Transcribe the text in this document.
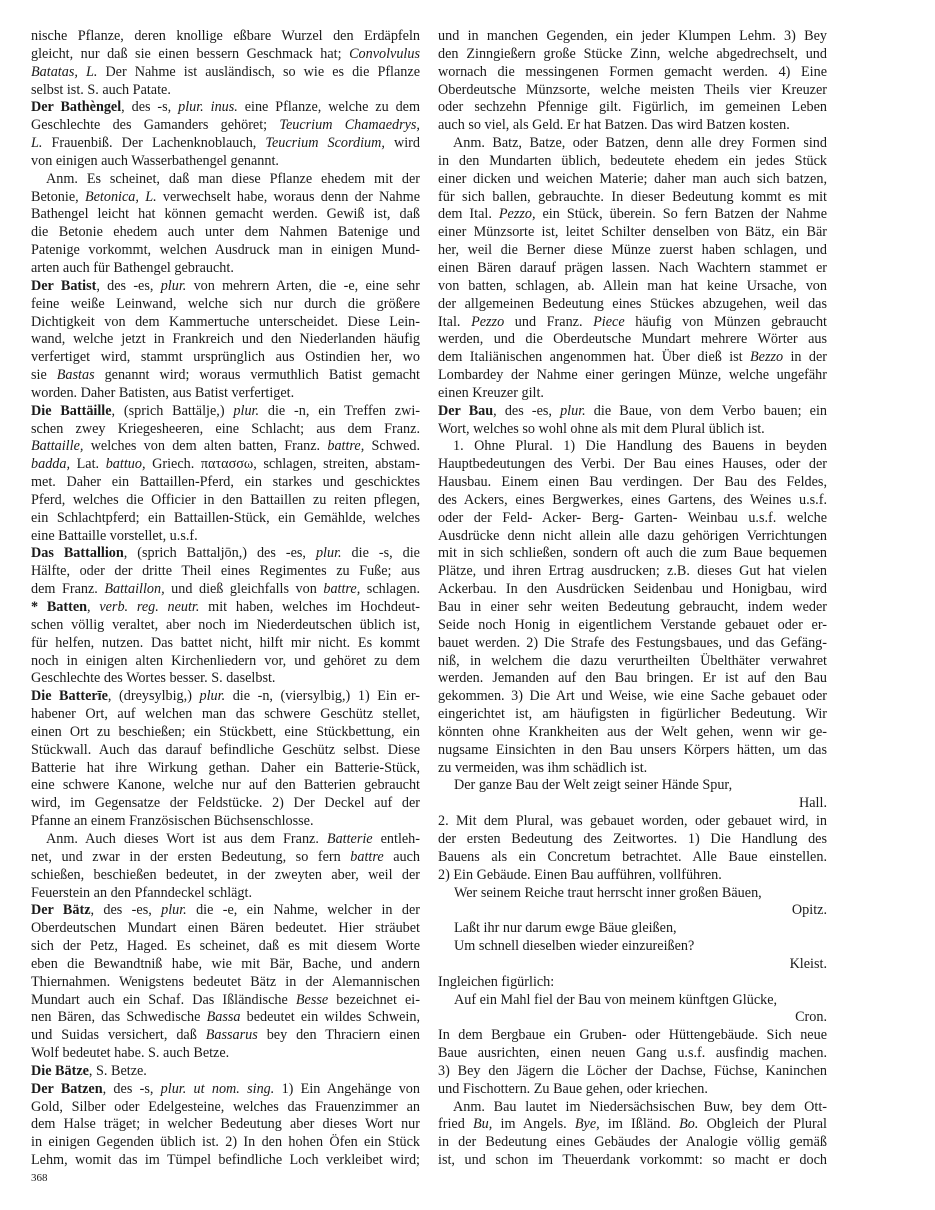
nische Pflanze, deren knollige eßbare Wurzel den Erdäpfeln
gleicht, nur daß sie einen bessern Geschmack hat; Convolvulus
Batatas, L. Der Nahme ist ausländisch, so wie es die Pflanze
selbst ist. S. auch Patate.
Der Bathèngel, des -s, plur. inus. eine Pflanze, welche zu dem
Geschlechte des Gamanders gehöret; Teucrium Chamaedrys,
L. Frauenbiß. Der Lachenknoblauch, Teucrium Scordium, wird
von einigen auch Wasserbathengel genannt.
Anm. Es scheinet, daß man diese Pflanze ehedem mit der
Betonie, Betonica, L. verwechselt habe, woraus denn der Nahme
Bathengel leicht hat können gemacht werden. Gewiß ist, daß
die Betonie ehedem auch unter dem Nahmen Batenige und
Patenige vorkommt, welchen Ausdruck man in einigen Mund-
arten auch für Bathengel gebraucht.
Der Batist, des -es, plur. von mehrern Arten, die -e, eine sehr
feine weiße Leinwand, welche sich nur durch die größere
Dichtigkeit von dem Kammertuche unterscheidet. Diese Lein-
wand, welche jetzt in Frankreich und den Niederlanden häufig
verfertiget wird, stammt ursprünglich aus Ostindien her, wo
sie Bastas genannt wird; woraus vermuthlich Batist gemacht
worden. Daher Batisten, aus Batist verfertiget.
Die Battäille, (sprich Battälje,) plur. die -n, ein Treffen zwi-
schen zwey Kriegesheeren, eine Schlacht; aus dem Franz.
Battaille, welches von dem alten batten, Franz. battre, Schwed.
badda, Lat. battuo, Griech. πατασσω, schlagen, streiten, abstam-
met. Daher ein Battaillen-Pferd, ein starkes und geschicktes
Pferd, welches die Officier in den Battaillen zu reiten pflegen,
ein Schlachtpferd; ein Battaillen-Stück, ein Gemählde, welches
eine Battaille vorstellet, u.s.f.
Das Battallion, (sprich Battaljōn,) des -es, plur. die -s, die
Hälfte, oder der dritte Theil eines Regimentes zu Fuße; aus
dem Franz. Battaillon, und dieß gleichfalls von battre, schlagen.
* Batten, verb. reg. neutr. mit haben, welches im Hochdeut-
schen völlig veraltet, aber noch im Niederdeutschen üblich ist,
für helfen, nutzen. Das battet nicht, hilft mir nicht. Es kommt
noch in einigen alten Kirchenliedern vor, und gehöret zu dem
Geschlechte des Wortes besser. S. daselbst.
Die Batterīe, (dreysylbig,) plur. die -n, (viersylbig,) 1) Ein er-
habener Ort, auf welchen man das schwere Geschütz stellet,
einen Ort zu beschießen; ein Stückbett, eine Stückbettung, ein
Stückwall. Auch das darauf befindliche Geschütz selbst. Diese
Batterie hat ihre Wirkung gethan. Daher ein Batterie-Stück,
eine schwere Kanone, welche nur auf den Batterien gebraucht
wird, im Gegensatze der Feldstücke. 2) Der Deckel auf der
Pfanne an einem Französischen Büchsenschlosse.
Anm. Auch dieses Wort ist aus dem Franz. Batterie entleh-
net, und zwar in der ersten Bedeutung, so fern battre auch
schießen, beschießen bedeutet, in der zweyten aber, weil der
Feuerstein an den Pfanndeckel schlägt.
Der Bätz, des -es, plur. die -e, ein Nahme, welcher in der
Oberdeutschen Mundart einen Bären bedeutet. Hier sträubet
sich der Petz, Haged. Es scheinet, daß es mit diesem Worte
eben die Bewandtniß habe, wie mit Bär, Bache, und andern
Thiernahmen. Wenigstens bedeutet Bätz in der Alemannischen
Mundart auch ein Schaf. Das Ißländische Besse bezeichnet ei-
nen Bären, das Schwedische Bassa bedeutet ein wildes Schwein,
und Suidas versichert, daß Bassarus bey den Thraciern einen
Wolf bedeutet habe. S. auch Betze.
Die Bätze, S. Betze.
Der Batzen, des -s, plur. ut nom. sing. 1) Ein Angehänge von
Gold, Silber oder Edelgesteine, welches das Frauenzimmer an
dem Halse träget; in welcher Bedeutung aber dieses Wort nur
in einigen Gegenden üblich ist. 2) In den hohen Öfen ein Stück
Lehm, womit das im Tümpel befindliche Loch verkleibet wird;
und in manchen Gegenden, ein jeder Klumpen Lehm. 3) Bey
den Zinngießern große Stücke Zinn, welche abgedrechselt, und
wornach die messingenen Formen gemacht werden. 4) Eine
Oberdeutsche Münzsorte, welche meisten Theils vier Kreuzer
oder sechzehn Pfennige gilt. Figürlich, im gemeinen Leben
auch so viel, als Geld. Er hat Batzen. Das wird Batzen kosten.
Anm. Batz, Batze, oder Batzen, denn alle drey Formen sind
in den Mundarten üblich, bedeutete ehedem ein jedes Stück
einer dicken und weichen Materie; daher man auch sich batzen,
für sich ballen, gebrauchte. In dieser Bedeutung kommt es mit
dem Ital. Pezzo, ein Stück, überein. So fern Batzen der Nahme
einer Münzsorte ist, leitet Schilter denselben von Bätz, ein Bär
her, weil die Berner diese Münze zuerst haben schlagen, und
einen Bären darauf prägen lassen. Nach Wachtern stammet er
von batten, schlagen, ab. Allein man hat keine Ursache, von
der allgemeinen Bedeutung eines Stückes abzugehen, weil das
Ital. Pezzo und Franz. Piece häufig von Münzen gebraucht
werden, und die Oberdeutsche Mundart mehrere Wörter aus
dem Italiänischen angenommen hat. Über dieß ist Bezzo in der
Lombardey der Nahme einer geringen Münze, welche ungefähr
einen Kreuzer gilt.
Der Bau, des -es, plur. die Baue, von dem Verbo bauen; ein
Wort, welches so wohl ohne als mit dem Plural üblich ist.
1. Ohne Plural. 1) Die Handlung des Bauens in beyden
Hauptbedeutungen des Verbi. Der Bau eines Hauses, oder der
Hausbau. Einem einen Bau verdingen. Der Bau des Feldes,
des Ackers, eines Bergwerkes, eines Gartens, des Weines u.s.f.
oder der Feld- Acker- Berg- Garten- Weinbau u.s.f. welche
Ausdrücke denn nicht allein alle dazu gehörigen Verrichtungen
mit in sich schließen, sondern oft auch die zum Baue bequemen
Plätze, und ihren Ertrag ausdrucken; z.B. dieses Gut hat vielen
Ackerbau. In den Ausdrücken Seidenbau und Honigbau, wird
Bau in einer sehr weiten Bedeutung gebraucht, indem weder
Seide noch Honig in eigentlichem Verstande gebauet oder er-
bauet werden. 2) Die Strafe des Festungsbaues, und das Gefäng-
niß, in welchem die dazu verurtheilten Übelthäter verwahret
werden. Jemanden auf den Bau bringen. Er ist auf den Bau
gekommen. 3) Die Art und Weise, wie eine Sache gebauet oder
eingerichtet ist, am häufigsten in figürlicher Bedeutung. Wir
könnten ohne Krankheiten aus der Welt gehen, wenn wir ge-
nugsame Einsichten in den Bau unsers Körpers hätten, um das
zu vermeiden, was ihm schädlich ist.
Der ganze Bau der Welt zeigt seiner Hände Spur,
Hall.
2. Mit dem Plural, was gebauet worden, oder gebauet wird, in
der ersten Bedeutung des Zeitwortes. 1) Die Handlung des
Bauens als ein Concretum betrachtet. Alle Baue einstellen.
2) Ein Gebäude. Einen Bau aufführen, vollführen.
Wer seinem Reiche traut herrscht inner großen Bäuen,
Opitz.
Laßt ihr nur darum ewge Bäue gleißen,
Um schnell dieselben wieder einzureißen?
Kleist.
Ingleichen figürlich:
Auf ein Mahl fiel der Bau von meinem künftgen Glücke,
Cron.
In dem Bergbaue ein Gruben- oder Hüttengebäude. Sich neue
Baue ausrichten, einen neuen Gang u.s.f. ausfindig machen.
3) Bey den Jägern die Löcher der Dachse, Füchse, Kaninchen
und Fischottern. Zu Baue gehen, oder kriechen.
Anm. Bau lautet im Niedersächsischen Buw, bey dem Ott-
fried Bu, im Angels. Bye, im Ißländ. Bo. Obgleich der Plural
in der Bedeutung eines Gebäudes der Analogie völlig gemäß
ist, und schon im Theuerdank vorkommt: so macht er doch
368
